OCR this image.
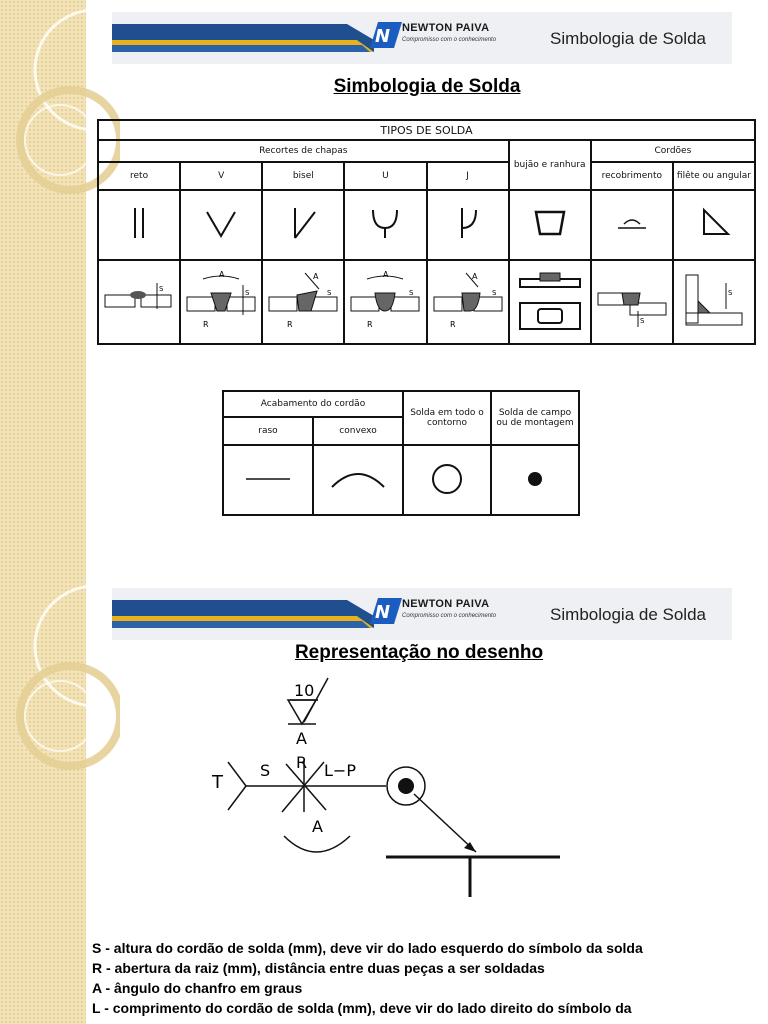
N NEWTON PAIVA
Compromisso com o conhecimento	Simbologia de Solda
Simbologia de Solda
TIPOS DE SOLDA							
Recortes de chapas					bujão e ranhura	Cordões	
reto	V	bisel	U	J		recobrimento	filête ou angular

S	A
R
S	A
R
S	A
R
S	A
R
S		S	S
Acabamento do cordão		Solda em todo o contorno	Solda de campo ou de montagem
raso	convexo		

N NEWTON PAIVA
Compromisso com o conhecimento	Simbologia de Solda
Representação no desenho
10
A
T
S R L−P
A
S - altura do cordão de solda (mm), deve vir do lado esquerdo do símbolo da solda
R - abertura da raiz (mm), distância entre duas peças a ser soldadas
A - ângulo do chanfro em graus
L - comprimento do cordão de solda (mm), deve vir do lado direito do símbolo da
